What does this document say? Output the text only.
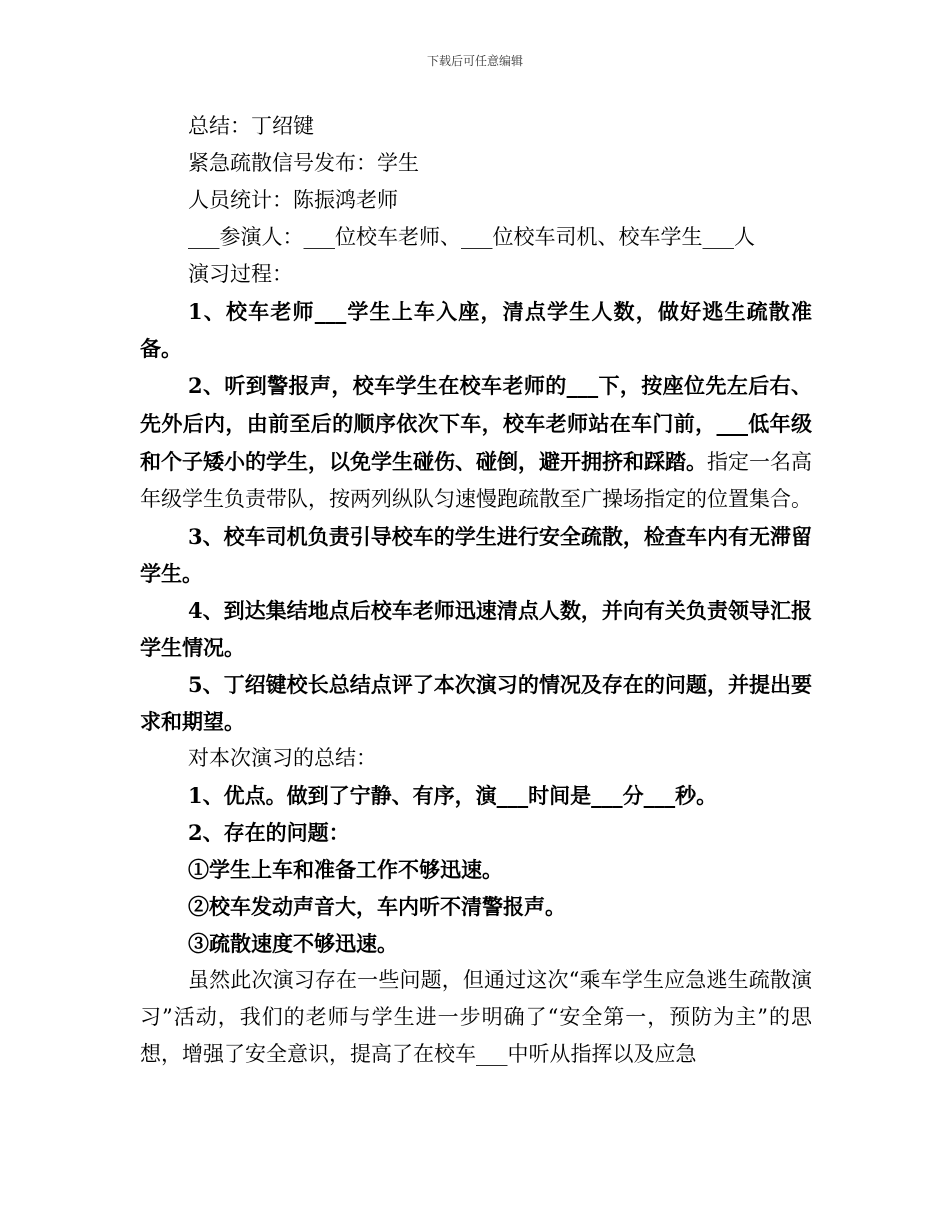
下载后可任意编辑
总结：丁绍键
紧急疏散信号发布：学生
人员统计：陈振鸿老师
___参演人：___位校车老师、___位校车司机、校车学生___人
演习过程：
1、校车老师___学生上车入座，清点学生人数，做好逃生疏散准备。
2、听到警报声，校车学生在校车老师的___下，按座位先左后右、先外后内，由前至后的顺序依次下车，校车老师站在车门前，___低年级和个子矮小的学生，以免学生碰伤、碰倒，避开拥挤和踩踏。指定一名高年级学生负责带队，按两列纵队匀速慢跑疏散至广操场指定的位置集合。
3、校车司机负责引导校车的学生进行安全疏散，检查车内有无滞留学生。
4、到达集结地点后校车老师迅速清点人数，并向有关负责领导汇报学生情况。
5、丁绍键校长总结点评了本次演习的情况及存在的问题，并提出要求和期望。
对本次演习的总结：
1、优点。做到了宁静、有序，演___时间是___分___秒。
2、存在的问题：
①学生上车和准备工作不够迅速。
②校车发动声音大，车内听不清警报声。
③疏散速度不够迅速。
虽然此次演习存在一些问题，但通过这次“乘车学生应急逃生疏散演习”活动，我们的老师与学生进一步明确了“安全第一，预防为主”的思想，增强了安全意识，提高了在校车___中听从指挥以及应急
